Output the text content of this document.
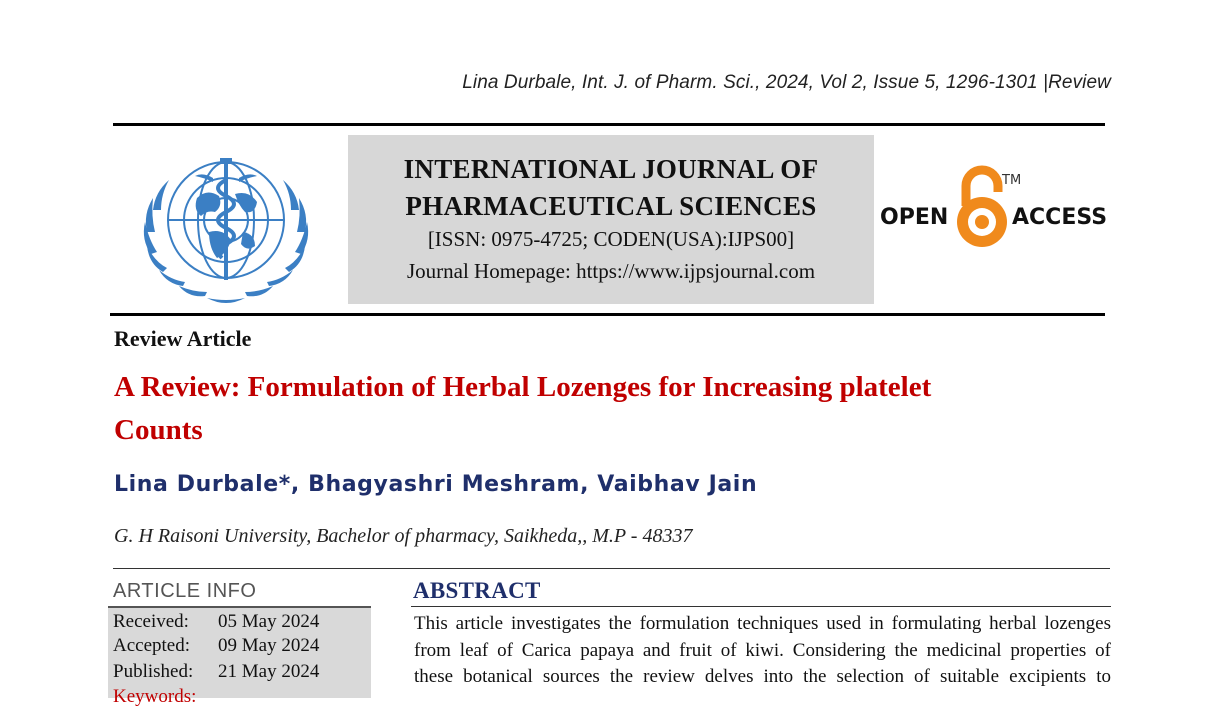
Lina Durbale, Int. J. of Pharm. Sci., 2024, Vol 2, Issue 5, 1296-1301 |Review
INTERNATIONAL JOURNAL OF
PHARMACEUTICAL SCIENCES
[ISSN: 0975-4725; CODEN(USA):IJPS00]
Journal Homepage: https://www.ijpsjournal.com
OPEN
TM
ACCESS
Review Article
A Review: Formulation of Herbal Lozenges for Increasing platelet
Counts
Lina Durbale*, Bhagyashri Meshram, Vaibhav Jain
G. H Raisoni University, Bachelor of pharmacy, Saikheda,, M.P - 48337
ARTICLE INFO
Received: 05 May 2024
Accepted: 09 May 2024
Published: 21 May 2024
Keywords:
ABSTRACT
This article investigates the formulation techniques used in formulating herbal lozenges
from leaf of Carica papaya and fruit of kiwi. Considering the medicinal properties of
these botanical sources the review delves into the selection of suitable excipients to
